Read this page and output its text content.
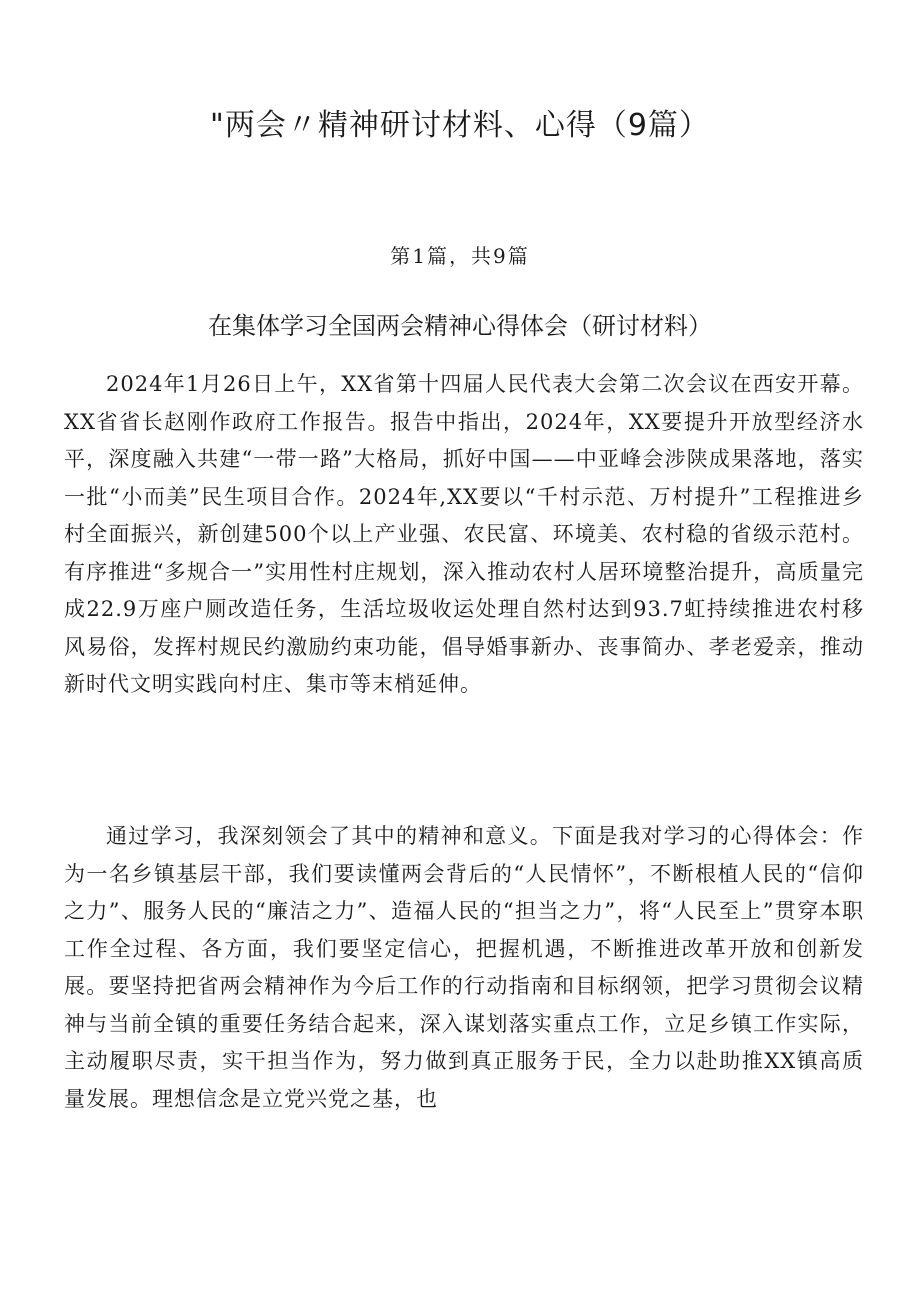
"两会〃精神研讨材料、心得（9篇）
第1篇，共9篇
在集体学习全国两会精神心得体会（研讨材料）

2024年1月26日上午，XX省第十四届人民代表大会第二次会议在西安开幕。XX省省长赵刚作政府工作报告。报告中指出，2024年，XX要提升开放型经济水平，深度融入共建“一带一路”大格局，抓好中国——中亚峰会涉陕成果落地，落实一批“小而美”民生项目合作。2024年,XX要以“千村示范、万村提升”工程推进乡村全面振兴，新创建500个以上产业强、农民富、环境美、农村稳的省级示范村。有序推进“多规合一”实用性村庄规划，深入推动农村人居环境整治提升，高质量完成22.9万座户厕改造任务，生活垃圾收运处理自然村达到93.7虹持续推进农村移风易俗，发挥村规民约激励约束功能，倡导婚事新办、丧事简办、孝老爱亲，推动新时代文明实践向村庄、集市等末梢延伸。

通过学习，我深刻领会了其中的精神和意义。下面是我对学习的心得体会：作为一名乡镇基层干部，我们要读懂两会背后的“人民情怀”，不断根植人民的“信仰之力”、服务人民的“廉洁之力”、造福人民的“担当之力”，将“人民至上”贯穿本职工作全过程、各方面，我们要坚定信心，把握机遇，不断推进改革开放和创新发展。要坚持把省两会精神作为今后工作的行动指南和目标纲领，把学习贯彻会议精神与当前全镇的重要任务结合起来，深入谋划落实重点工作，立足乡镇工作实际，主动履职尽责，实干担当作为，努力做到真正服务于民，全力以赴助推XX镇高质量发展。理想信念是立党兴党之基，也
